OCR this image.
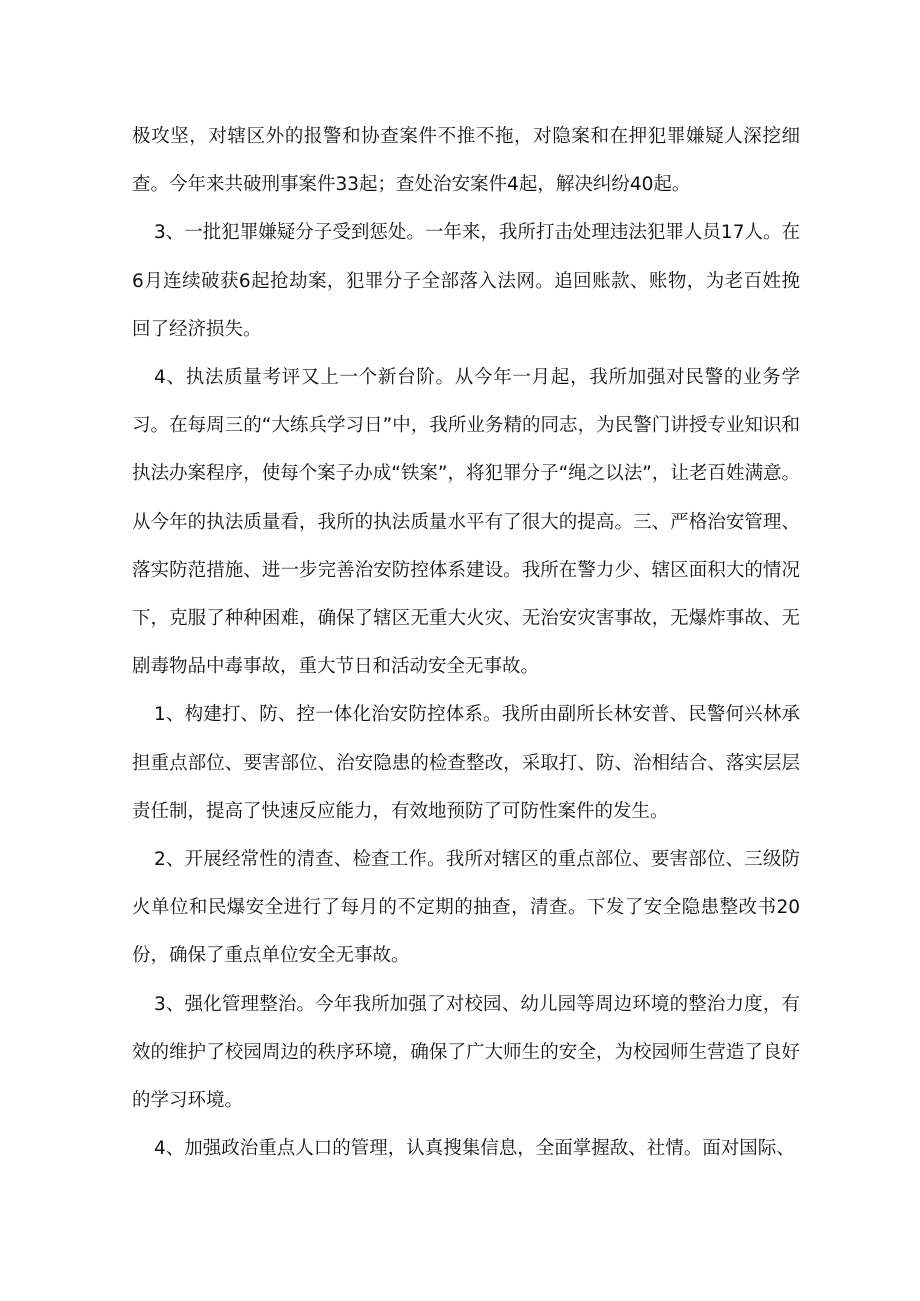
极攻坚，对辖区外的报警和协查案件不推不拖，对隐案和在押犯罪嫌疑人深挖细查。今年来共破刑事案件33起；查处治安案件4起，解决纠纷40起。

3、一批犯罪嫌疑分子受到惩处。一年来，我所打击处理违法犯罪人员17人。在6月连续破获6起抢劫案，犯罪分子全部落入法网。追回账款、账物，为老百姓挽回了经济损失。

4、执法质量考评又上一个新台阶。从今年一月起，我所加强对民警的业务学习。在每周三的“大练兵学习日”中，我所业务精的同志，为民警门讲授专业知识和执法办案程序，使每个案子办成“铁案”，将犯罪分子“绳之以法”，让老百姓满意。从今年的执法质量看，我所的执法质量水平有了很大的提高。三、严格治安管理、落实防范措施、进一步完善治安防控体系建设。我所在警力少、辖区面积大的情况下，克服了种种困难，确保了辖区无重大火灾、无治安灾害事故，无爆炸事故、无剧毒物品中毒事故，重大节日和活动安全无事故。

1、构建打、防、控一体化治安防控体系。我所由副所长林安普、民警何兴林承担重点部位、要害部位、治安隐患的检查整改，采取打、防、治相结合、落实层层责任制，提高了快速反应能力，有效地预防了可防性案件的发生。

2、开展经常性的清查、检查工作。我所对辖区的重点部位、要害部位、三级防火单位和民爆安全进行了每月的不定期的抽查，清查。下发了安全隐患整改书20份，确保了重点单位安全无事故。

3、强化管理整治。今年我所加强了对校园、幼儿园等周边环境的整治力度，有效的维护了校园周边的秩序环境，确保了广大师生的安全，为校园师生营造了良好的学习环境。

4、加强政治重点人口的管理，认真搜集信息，全面掌握敌、社情。面对国际、
